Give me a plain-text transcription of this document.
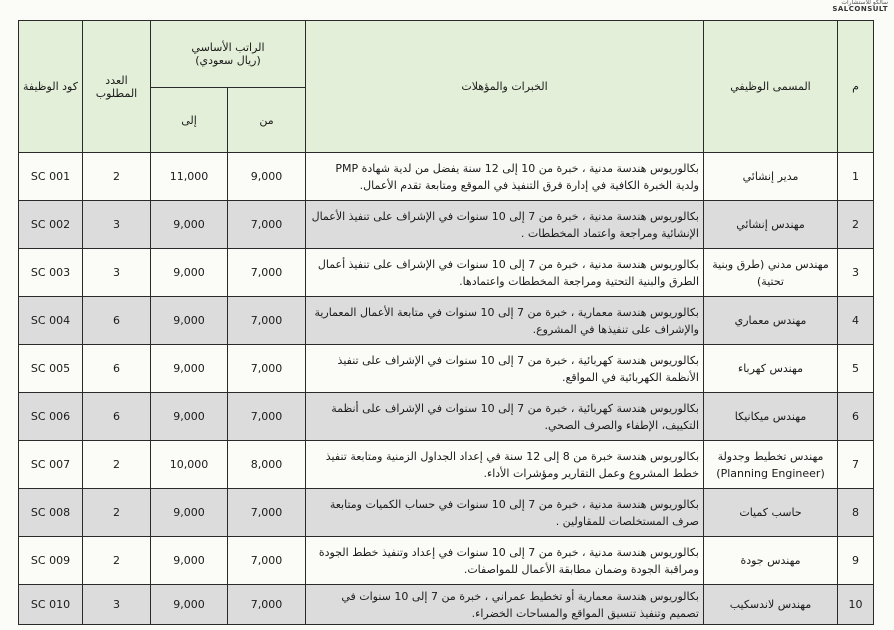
سالكو للاستشارات
SALCONSULT
كود الوظيفة	العدد المطلوب	الراتب الأساسي
(ريال سعودي)		الخبرات والمؤهلات	المسمى الوظيفي	م
		إلى	من			
SC 001	2	11,000	9,000	بكالوريوس هندسة مدنية ، خبرة من 10 إلى 12 سنة يفضل من لدية شهادة PMP ولدية الخبرة الكافية في إدارة فرق التنفيذ في الموقع ومتابعة تقدم الأعمال.	مدير إنشائي	1
SC 002	3	9,000	7,000	بكالوريوس هندسة مدنية ، خبرة من 7 إلى 10 سنوات في الإشراف على تنفيذ الأعمال الإنشائية ومراجعة واعتماد المخططات .	مهندس إنشائي	2
SC 003	3	9,000	7,000	بكالوريوس هندسة مدنية ، خبرة من 7 إلى 10 سنوات في الإشراف على تنفيذ أعمال الطرق والبنية التحتية ومراجعة المخططات واعتمادها.	مهندس مدني (طرق وبنية تحتية)	3
SC 004	6	9,000	7,000	بكالوريوس هندسة معمارية ، خبرة من 7 إلى 10 سنوات في متابعة الأعمال المعمارية والإشراف على تنفيذها في المشروع.	مهندس معماري	4
SC 005	6	9,000	7,000	بكالوريوس هندسة كهربائية ، خبرة من 7 إلى 10 سنوات في الإشراف على تنفيذ الأنظمة الكهربائية في المواقع.	مهندس كهرباء	5
SC 006	6	9,000	7,000	بكالوريوس هندسة كهربائية ، خبرة من 7 إلى 10 سنوات في الإشراف على أنظمة التكييف، الإطفاء والصرف الصحي.	مهندس ميكانيكا	6
SC 007	2	10,000	8,000	بكالوريوس هندسة خبرة من 8 إلى 12 سنة في إعداد الجداول الزمنية ومتابعة تنفيذ خطط المشروع وعمل التقارير ومؤشرات الأداء.	مهندس تخطيط وجدولة (Planning Engineer)	7
SC 008	2	9,000	7,000	بكالوريوس هندسة مدنية ، خبرة من 7 إلى 10 سنوات في حساب الكميات ومتابعة صرف المستخلصات للمقاولين .	حاسب كميات	8
SC 009	2	9,000	7,000	بكالوريوس هندسة مدنية ، خبرة من 7 إلى 10 سنوات في إعداد وتنفيذ خطط الجودة ومراقبة الجودة وضمان مطابقة الأعمال للمواصفات.	مهندس جودة	9
SC 010	3	9,000	7,000	بكالوريوس هندسة معمارية أو تخطيط عمراني ، خبرة من 7 إلى 10 سنوات في تصميم وتنفيذ تنسيق المواقع والمساحات الخضراء.	مهندس لاندسكيب	10
